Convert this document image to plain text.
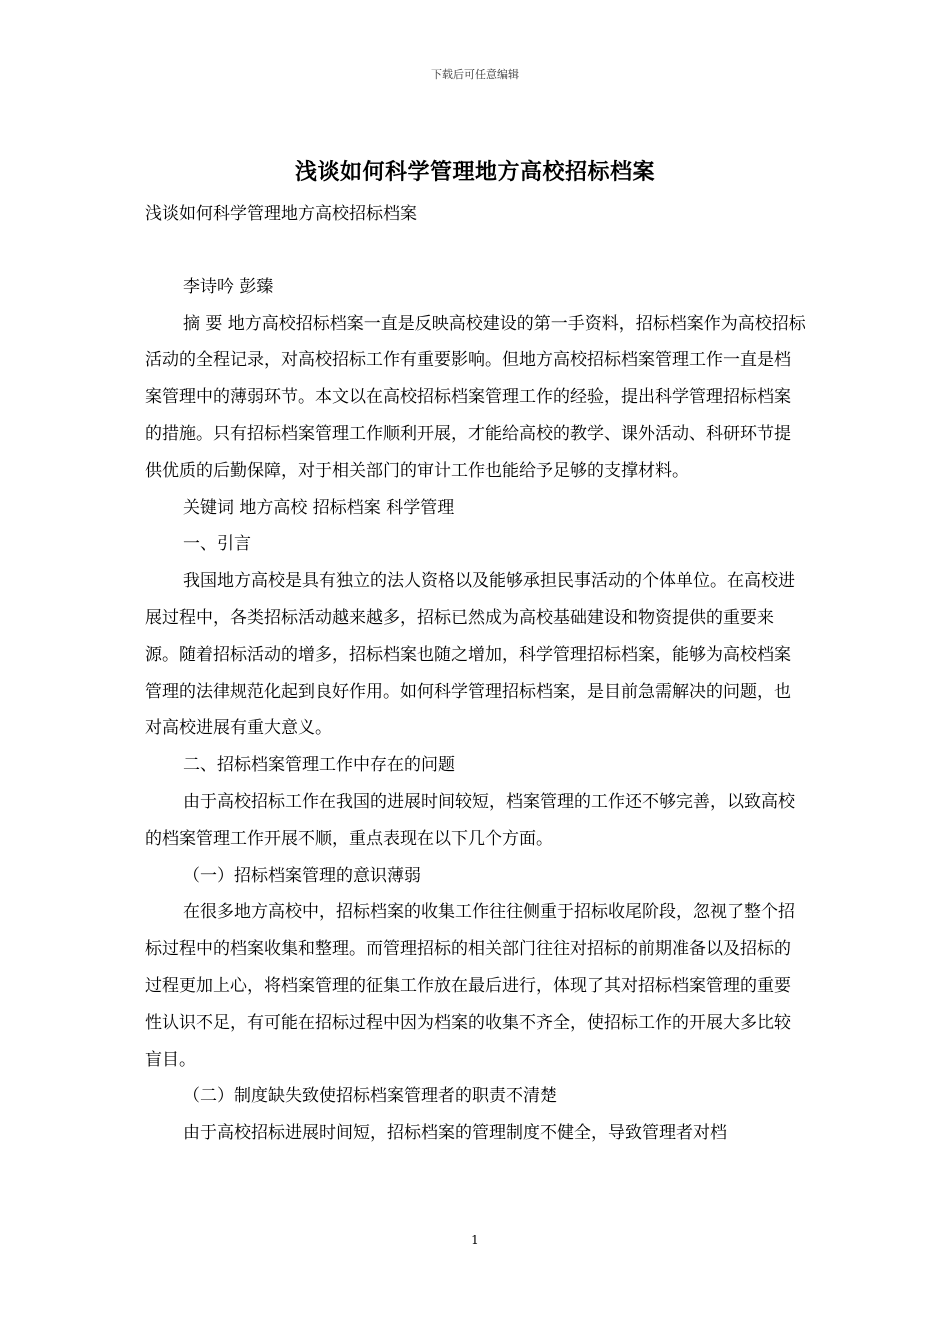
下载后可任意编辑
浅谈如何科学管理地方高校招标档案

浅谈如何科学管理地方高校招标档案

李诗吟 彭臻

摘 要 地方高校招标档案一直是反映高校建设的第一手资料，招标档案作为高校招标活动的全程记录，对高校招标工作有重要影响。但地方高校招标档案管理工作一直是档案管理中的薄弱环节。本文以在高校招标档案管理工作的经验，提出科学管理招标档案的措施。只有招标档案管理工作顺利开展，才能给高校的教学、课外活动、科研环节提供优质的后勤保障，对于相关部门的审计工作也能给予足够的支撑材料。

关键词 地方高校 招标档案 科学管理

一、引言

我国地方高校是具有独立的法人资格以及能够承担民事活动的个体单位。在高校进展过程中，各类招标活动越来越多，招标已然成为高校基础建设和物资提供的重要来源。随着招标活动的增多，招标档案也随之增加，科学管理招标档案，能够为高校档案管理的法律规范化起到良好作用。如何科学管理招标档案，是目前急需解决的问题，也对高校进展有重大意义。

二、招标档案管理工作中存在的问题

由于高校招标工作在我国的进展时间较短，档案管理的工作还不够完善，以致高校的档案管理工作开展不顺，重点表现在以下几个方面。

（一）招标档案管理的意识薄弱

在很多地方高校中，招标档案的收集工作往往侧重于招标收尾阶段，忽视了整个招标过程中的档案收集和整理。而管理招标的相关部门往往对招标的前期准备以及招标的过程更加上心，将档案管理的征集工作放在最后进行，体现了其对招标档案管理的重要性认识不足，有可能在招标过程中因为档案的收集不齐全，使招标工作的开展大多比较盲目。

（二）制度缺失致使招标档案管理者的职责不清楚

由于高校招标进展时间短，招标档案的管理制度不健全，导致管理者对档

1
